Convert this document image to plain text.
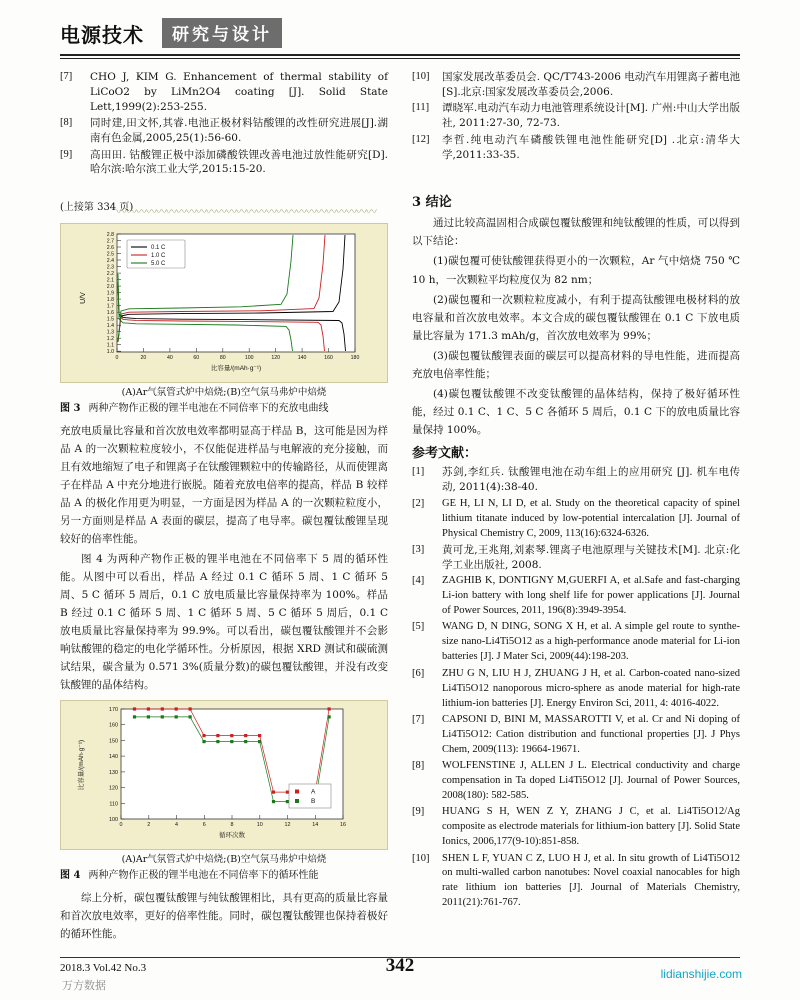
电源技术 研究与设计
[7]	CHO J, KIM G. Enhancement of thermal stability of LiCoO2 by LiMn2O4 coating [J]. Solid State Lett,1999(2):253-255.
[8]	同时建,田文怀,其睿.电池正极材料钴酸锂的改性研究进展[J].湖南有色金属,2005,25(1):56-60.
[9]	高田田. 钴酸锂正极中添加磷酸铁锂改善电池过放性能研究[D].哈尔滨:哈尔滨工业大学,2015:15-20.
(上接第 334 页)
〰〰〰〰〰〰〰〰〰〰〰〰〰〰〰〰〰〰〰〰〰〰〰〰〰〰
2.8
2.7
2.6
2.5
2.4
2.3
2.2
2.1
2.0
1.9
1.8
1.7
1.6
1.5
1.4
1.3
1.2
1.1
1.0
0	20	40	60	80	100	120	140	160	180
比容量/(mAh·g⁻¹)
U/V
0.1 C
1.0 C
5.0 C
(A)Ar气氛管式炉中焙烧;(B)空气氛马弗炉中焙烧
图 3 两种产物作正极的锂半电池在不同倍率下的充放电曲线

充放电质量比容量和首次放电效率都明显高于样品 B，这可能是因为样品 A 的一次颗粒粒度较小，不仅能促进样品与电解液的充分接触，而且有效地缩短了电子和锂离子在钛酸锂颗粒中的传输路径，从而使锂离子在样品 A 中充分地进行嵌脱。随着充放电倍率的提高，样品 B 较样品 A 的极化作用更为明显，一方面是因为样品 A 的一次颗粒粒度小，另一方面则是样品 A 表面的碳层，提高了电导率。碳包覆钛酸锂呈现较好的倍率性能。

图 4 为两种产物作正极的锂半电池在不同倍率下 5 周的循环性能。从图中可以看出，样品 A 经过 0.1 C 循环 5 周、1 C 循环 5 周、5 C 循环 5 周后，0.1 C 放电质量比容量保持率为 100%。样品 B 经过 0.1 C 循环 5 周、1 C 循环 5 周、5 C 循环 5 周后，0.1 C 放电质量比容量保持率为 99.9%。可以看出，碳包覆钛酸锂并不会影响钛酸锂的稳定的电化学循环性。分析原因，根据 XRD 测试和碳硫测试结果，碳含量为 0.571 3%(质量分数)的碳包覆钛酸锂，并没有改变钛酸锂的晶体结构。

170
160
150
140
130
120
110
100
0	2	4	6	8	10	12	14	16
循环次数
比容量/(mAh·g⁻¹)
A
B
(A)Ar气氛管式炉中焙烧;(B)空气氛马弗炉中焙烧
图 4 两种产物作正极的锂半电池在不同倍率下的循环性能

综上分析，碳包覆钛酸锂与纯钛酸锂相比，具有更高的质量比容量和首次放电效率，更好的倍率性能。同时，碳包覆钛酸锂也保持着极好的循环性能。

[10]	国家发展改革委员会. QC/T743-2006 电动汽车用锂离子蓄电池[S].北京:国家发展改革委员会,2006.
[11]	谭晓军.电动汽车动力电池管理系统设计[M]. 广州:中山大学出版社, 2011:27-30, 72-73.
[12]	李哲.纯电动汽车磷酸铁锂电池性能研究[D] .北京:清华大学,2011:33-35.
3 结论

通过比较高温固相合成碳包覆钛酸锂和纯钛酸锂的性质，可以得到以下结论：

(1)碳包覆可使钛酸锂获得更小的一次颗粒，Ar 气中焙烧 750 ℃ 10 h，一次颗粒平均粒度仅为 82 nm；

(2)碳包覆和一次颗粒粒度减小，有利于提高钛酸锂电极材料的放电容量和首次放电效率。本文合成的碳包覆钛酸锂在 0.1 C 下放电质量比容量为 171.3 mAh/g，首次放电效率为 99%；

(3)碳包覆钛酸锂表面的碳层可以提高材料的导电性能，进而提高充放电倍率性能；

(4)碳包覆钛酸锂不改变钛酸锂的晶体结构，保持了极好循环性能，经过 0.1 C、1 C、5 C 各循环 5 周后，0.1 C 下的放电质量比容量保持 100%。

参考文献：
[1]	苏剑,李红兵. 钛酸锂电池在动车组上的应用研究 [J]. 机车电传动, 2011(4):38-40.
[2]	GE H, LI N, LI D, et al. Study on the theoretical capacity of spinel lithium titanate induced by low-potential intercalation [J]. Journal of Physical Chemistry C, 2009, 113(16):6324-6326.
[3]	黄可龙,王兆翔,刘素琴.锂离子电池原理与关键技术[M]. 北京:化学工业出版社, 2008.
[4]	ZAGHIB K, DONTIGNY M,GUERFI A, et al.Safe and fast-charging Li-ion battery with long shelf life for power applications [J]. Journal of Power Sources, 2011, 196(8):3949-3954.
[5]	WANG D, N DING, SONG X H, et al. A simple gel route to synthe-size nano-Li4Ti5O12 as a high-performance anode material for Li-ion batteries [J]. J Mater Sci, 2009(44):198-203.
[6]	ZHU G N, LIU H J, ZHUANG J H, et al. Carbon-coated nano-sized Li4Ti5O12 nanoporous micro-sphere as anode material for high-rate lithium-ion batteries [J]. Energy Environ Sci, 2011, 4: 4016-4022.
[7]	CAPSONI D, BINI M, MASSAROTTI V, et al. Cr and Ni doping of Li4Ti5O12: Cation distribution and functional properties [J]. J Phys Chem, 2009(113): 19664-19671.
[8]	WOLFENSTINE J, ALLEN J L. Electrical conductivity and charge compensation in Ta doped Li4Ti5O12 [J]. Journal of Power Sources, 2008(180): 582-585.
[9]	HUANG S H, WEN Z Y, ZHANG J C, et al. Li4Ti5O12/Ag composite as electrode materials for lithium-ion battery [J]. Solid State Ionics, 2006,177(9-10):851-858.
[10]	SHEN L F, YUAN C Z, LUO H J, et al. In situ growth of Li4Ti5O12 on multi-walled carbon nanotubes: Novel coaxial nanocables for high rate lithium ion batteries [J]. Journal of Materials Chemistry, 2011(21):761-767.
2018.3 Vol.42 No.3	342	lidianshijie.com
万方数据
